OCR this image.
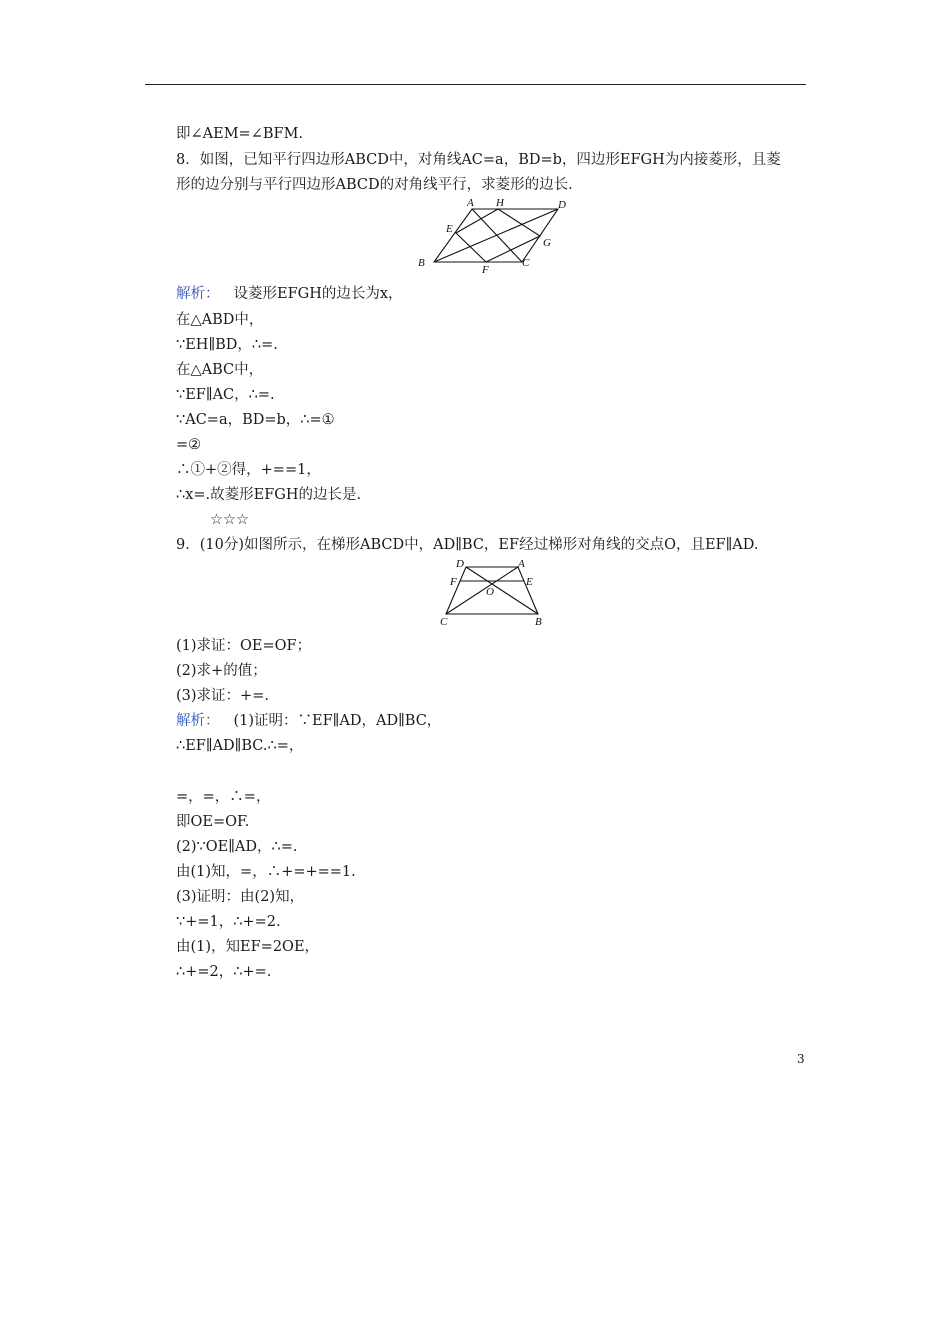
即∠AEM=∠BFM.
8．如图，已知平行四边形ABCD中，对角线AC=a，BD=b，四边形EFGH为内接菱形，且菱
形的边分别与平行四边形ABCD的对角线平行，求菱形的边长．
A H	D
E
G
B
F
C
解析： 设菱形EFGH的边长为x，
在△ABD中，
∵EH∥BD，∴=.
在△ABC中，
∵EF∥AC，∴=.
∵AC=a，BD=b，∴=①
=②
∴①+②得，+==1，
∴x=.故菱形EFGH的边长是.
☆☆☆
9．(10分)如图所示，在梯形ABCD中，AD∥BC，EF经过梯形对角线的交点O，且EF∥AD.
D	A
F	E
O
C	B
(1)求证：OE=OF；
(2)求+的值；
(3)求证：+=.
解析： (1)证明：∵EF∥AD，AD∥BC，
∴EF∥AD∥BC.∴=，
=，=，∴=，
即OE=OF.
(2)∵OE∥AD，∴=.
由(1)知，=，∴+=+==1.
(3)证明：由(2)知，
∵+=1，∴+=2.
由(1)，知EF=2OE，
∴+=2，∴+=.
3
